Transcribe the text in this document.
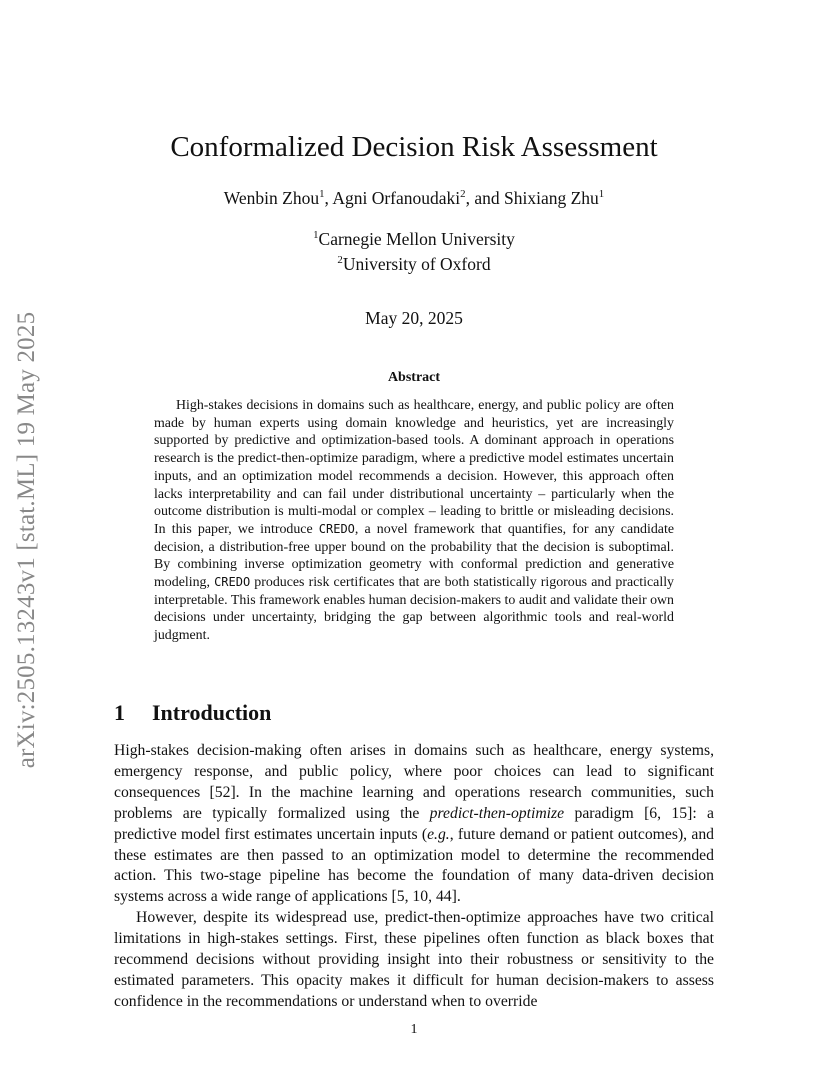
arXiv:2505.13243v1 [stat.ML] 19 May 2025
Conformalized Decision Risk Assessment
Wenbin Zhou$^1$, Agni Orfanoudaki$^2$, and Shixiang Zhu$^1$
$^1$Carnegie Mellon University
$^2$University of Oxford
May 20, 2025
Abstract

High-stakes decisions in domains such as healthcare, energy, and public policy are often made by human experts using domain knowledge and heuristics, yet are increasingly supported by predictive and optimization-based tools. A dominant approach in operations research is the predict-then-optimize paradigm, where a predictive model estimates uncertain inputs, and an optimization model recommends a decision. However, this approach often lacks interpretability and can fail under distributional uncertainty – particularly when the outcome distribution is multi-modal or complex – leading to brittle or misleading decisions. In this paper, we introduce CREDO, a novel framework that quantifies, for any candidate decision, a distribution-free upper bound on the probability that the decision is suboptimal. By combining inverse optimization geometry with conformal prediction and generative modeling, CREDO produces risk certificates that are both statistically rigorous and practically interpretable. This framework enables human decision-makers to audit and validate their own decisions under uncertainty, bridging the gap between algorithmic tools and real-world judgment.

1 Introduction

High-stakes decision-making often arises in domains such as healthcare, energy systems, emergency response, and public policy, where poor choices can lead to significant consequences [52]. In the machine learning and operations research communities, such problems are typically formalized using the predict-then-optimize paradigm [6, 15]: a predictive model first estimates uncertain inputs (e.g., future demand or patient outcomes), and these estimates are then passed to an optimization model to determine the recommended action. This two-stage pipeline has become the foundation of many data-driven decision systems across a wide range of applications [5, 10, 44].

However, despite its widespread use, predict-then-optimize approaches have two critical limitations in high-stakes settings. First, these pipelines often function as black boxes that recommend decisions without providing insight into their robustness or sensitivity to the estimated parameters. This opacity makes it difficult for human decision-makers to assess confidence in the recommendations or understand when to override

1
